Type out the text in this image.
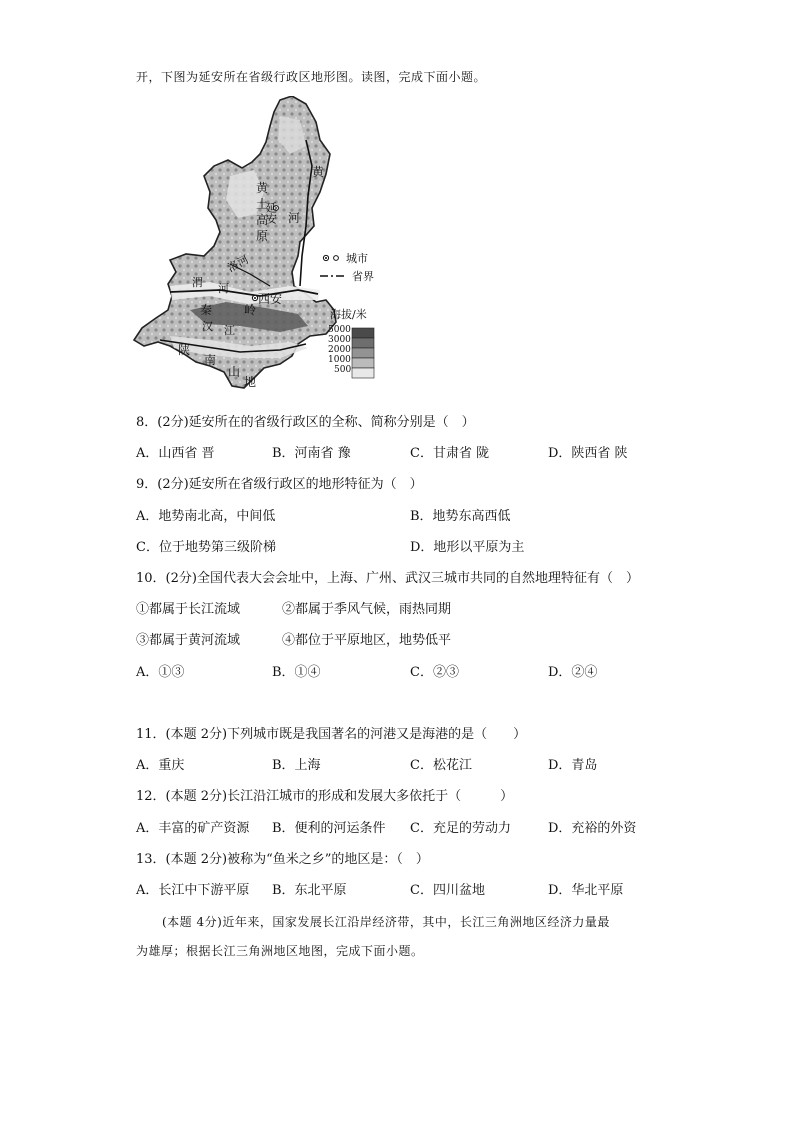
开，下图为延安所在省级行政区地形图。读图，完成下面小题。
黄
土
高
原
延安
黄
河
洛河
渭 河
西安
秦	岭
汉 江
陕
南
山
地
城市
省界
海拔/米
5000
3000
2000
1000
500
8．(2分)延安所在的省级行政区的全称、简称分别是（　）
A．山西省 晋	B．河南省 豫	C．甘肃省 陇	D．陕西省 陕
9．(2分)延安所在省级行政区的地形特征为（　）
A．地势南北高，中间低	B．地势东高西低
C．位于地势第三级阶梯	D．地形以平原为主
10．(2分)全国代表大会会址中，上海、广州、武汉三城市共同的自然地理特征有（　）
①都属于长江流域	②都属于季风气候，雨热同期
③都属于黄河流域	④都位于平原地区，地势低平
A．①③	B．①④	C．②③	D．②④
11．(本题 2分)下列城市既是我国著名的河港又是海港的是（　　）
A．重庆	B．上海	C．松花江	D．青岛
12．(本题 2分)长江沿江城市的形成和发展大多依托于（　　　）
A．丰富的矿产资源 B．便利的河运条件 C．充足的劳动力	D．充裕的外资
13．(本题 2分)被称为“鱼米之乡”的地区是：（　）
A．长江中下游平原 B．东北平原	C．四川盆地	D．华北平原
(本题 4分)近年来，国家发展长江沿岸经济带，其中，长江三角洲地区经济力量最
为雄厚；根据长江三角洲地区地图，完成下面小题。
